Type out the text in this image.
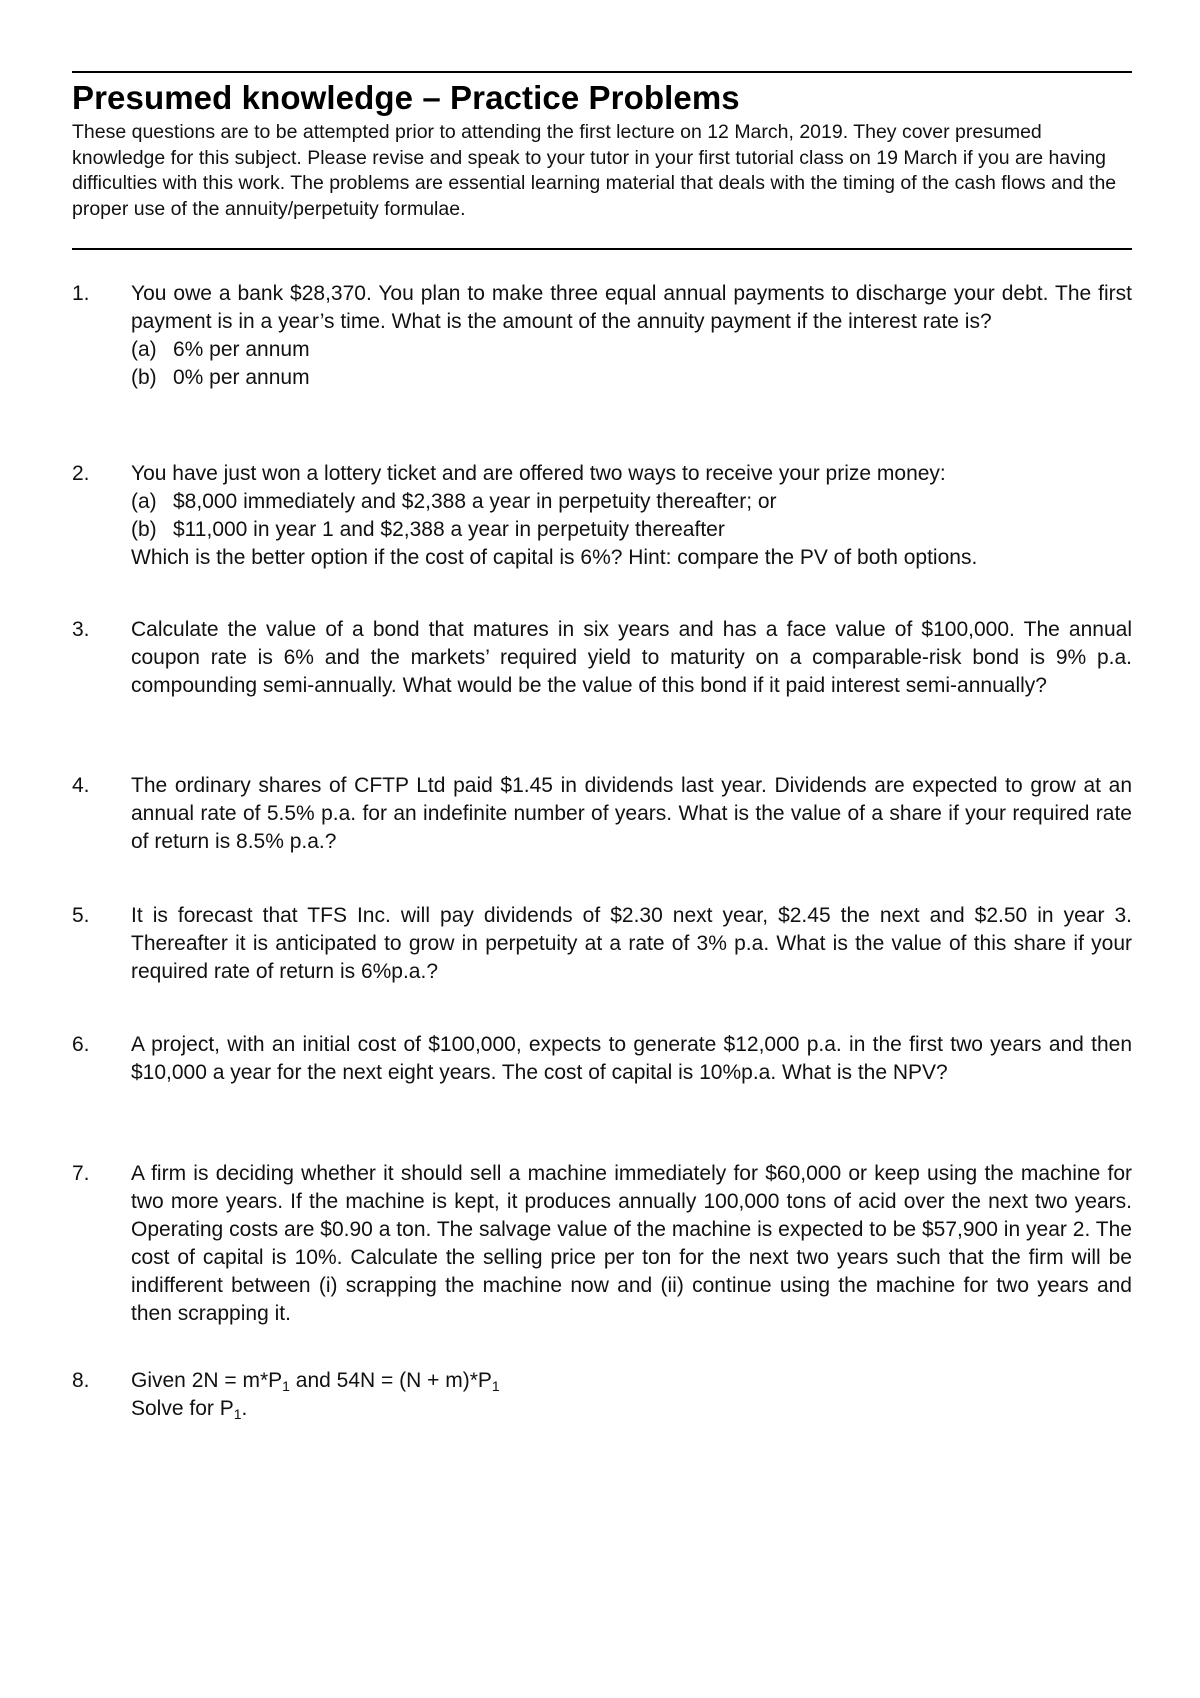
Presumed knowledge – Practice Problems

These questions are to be attempted prior to attending the first lecture on 12 March, 2019. They cover presumed knowledge for this subject. Please revise and speak to your tutor in your first tutorial class on 19 March if you are having difficulties with this work. The problems are essential learning material that deals with the timing of the cash flows and the proper use of the annuity/perpetuity formulae.

1.	You owe a bank $28,370. You plan to make three equal annual payments to discharge your debt. The first payment is in a year’s time. What is the amount of the annuity payment if the interest rate is?
(a) 6% per annum
(b) 0% per annum
2.	You have just won a lottery ticket and are offered two ways to receive your prize money:
(a) $8,000 immediately and $2,388 a year in perpetuity thereafter; or
(b) $11,000 in year 1 and $2,388 a year in perpetuity thereafter
Which is the better option if the cost of capital is 6%? Hint: compare the PV of both options.
3.	Calculate the value of a bond that matures in six years and has a face value of $100,000. The annual coupon rate is 6% and the markets’ required yield to maturity on a comparable-risk bond is 9% p.a. compounding semi-annually. What would be the value of this bond if it paid interest semi-annually?
4.	The ordinary shares of CFTP Ltd paid $1.45 in dividends last year. Dividends are expected to grow at an annual rate of 5.5% p.a. for an indefinite number of years. What is the value of a share if your required rate of return is 8.5% p.a.?
5.	It is forecast that TFS Inc. will pay dividends of $2.30 next year, $2.45 the next and $2.50 in year 3. Thereafter it is anticipated to grow in perpetuity at a rate of 3% p.a. What is the value of this share if your required rate of return is 6%p.a.?
6.	A project, with an initial cost of $100,000, expects to generate $12,000 p.a. in the first two years and then $10,000 a year for the next eight years. The cost of capital is 10%p.a. What is the NPV?
7.	A firm is deciding whether it should sell a machine immediately for $60,000 or keep using the machine for two more years. If the machine is kept, it produces annually 100,000 tons of acid over the next two years. Operating costs are $0.90 a ton. The salvage value of the machine is expected to be $57,900 in year 2. The cost of capital is 10%. Calculate the selling price per ton for the next two years such that the firm will be indifferent between (i) scrapping the machine now and (ii) continue using the machine for two years and then scrapping it.
8.	Given $2N = m*P_1$ and $54N = (N + m)*P_1$
Solve for $P_1$.
